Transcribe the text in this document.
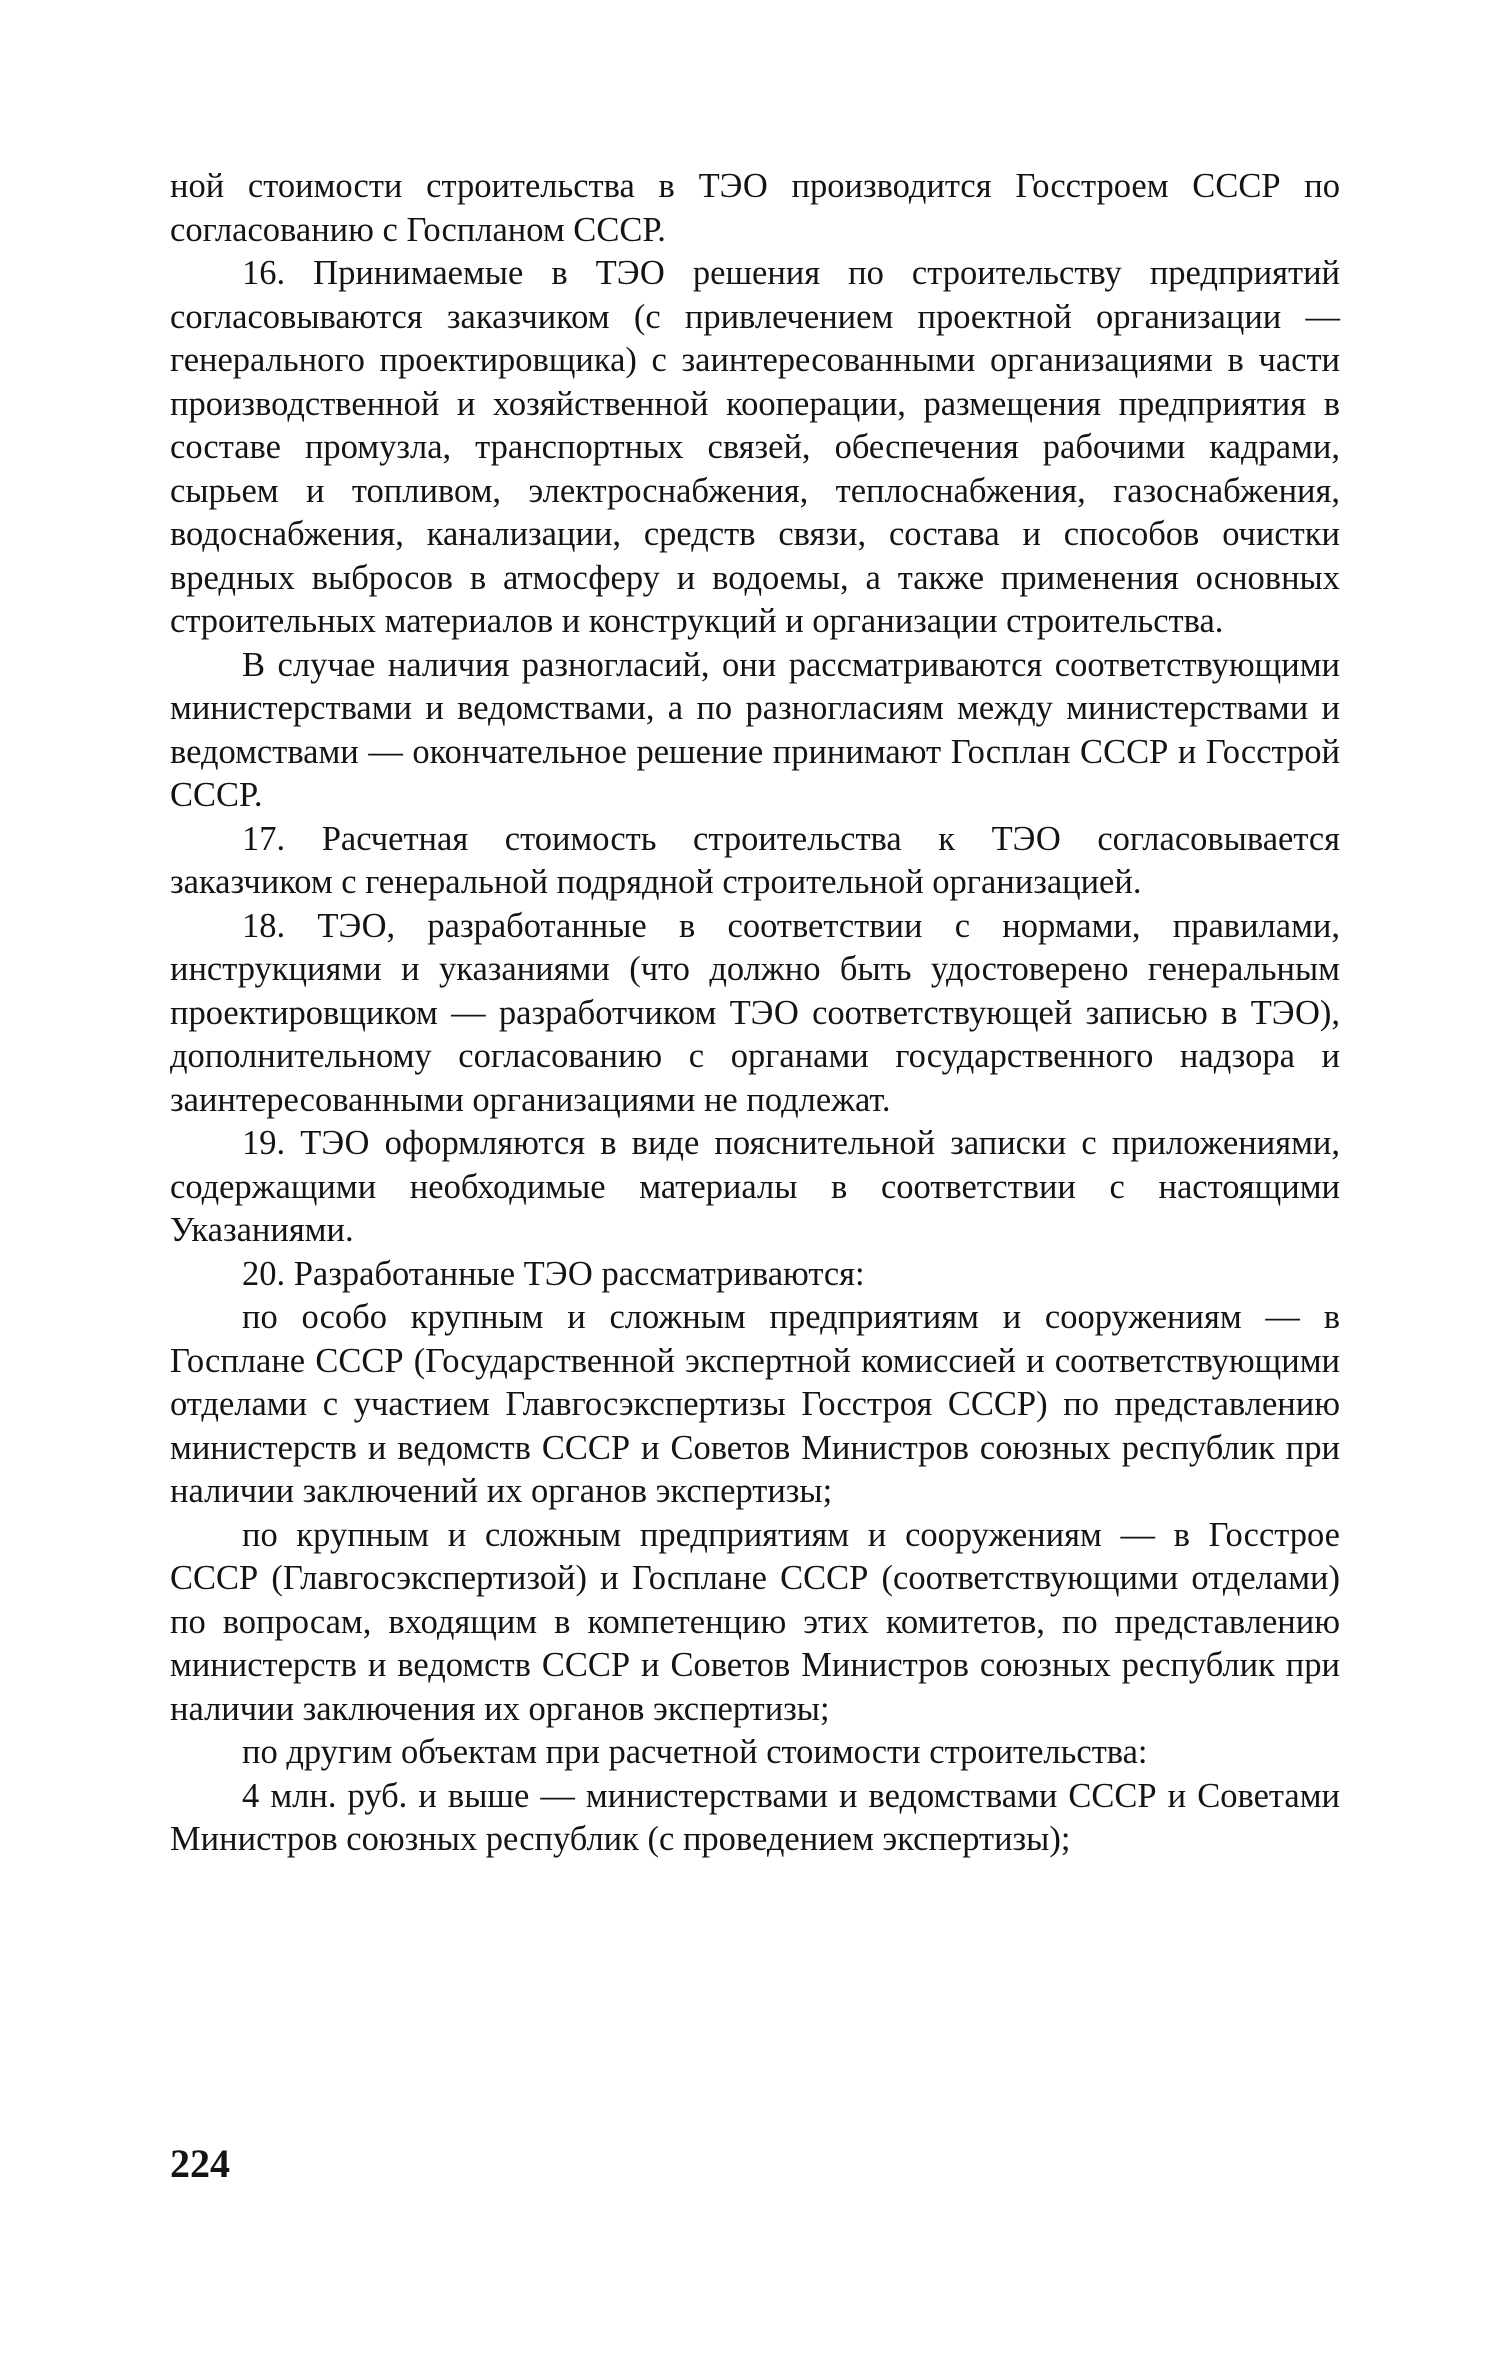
ной стоимости строительства в ТЭО производится Госстроем СССР по согласованию с Госпланом СССР.

16. Принимаемые в ТЭО решения по строительству предприятий согласовываются заказчиком (с привлечением проектной организации — генерального проектировщика) с заинтересованными организациями в части производственной и хозяйственной кооперации, размещения предприятия в составе промузла, транспортных связей, обеспечения рабочими кадрами, сырьем и топливом, электроснабжения, теплоснабжения, газоснабжения, водоснабжения, канализации, средств связи, состава и способов очистки вредных выбросов в атмосферу и водоемы, а также применения основных строительных материалов и конструкций и организации строительства.

В случае наличия разногласий, они рассматриваются соответствующими министерствами и ведомствами, а по разногласиям между министерствами и ведомствами — окончательное решение принимают Госплан СССР и Госстрой СССР.

17. Расчетная стоимость строительства к ТЭО согласовывается заказчиком с генеральной подрядной строительной организацией.

18. ТЭО, разработанные в соответствии с нормами, правилами, инструкциями и указаниями (что должно быть удостоверено генеральным проектировщиком — разработчиком ТЭО соответствующей записью в ТЭО), дополнительному согласованию с органами государственного надзора и заинтересованными организациями не подлежат.

19. ТЭО оформляются в виде пояснительной записки с приложениями, содержащими необходимые материалы в соответствии с настоящими Указаниями.

20. Разработанные ТЭО рассматриваются:

по особо крупным и сложным предприятиям и сооружениям — в Госплане СССР (Государственной экспертной комиссией и соответствующими отделами с участием Главгосэкспертизы Госстроя СССР) по представлению министерств и ведомств СССР и Советов Министров союзных республик при наличии заключений их органов экспертизы;

по крупным и сложным предприятиям и сооружениям — в Госстрое СССР (Главгосэкспертизой) и Госплане СССР (соответствующими отделами) по вопросам, входящим в компетенцию этих комитетов, по представлению министерств и ведомств СССР и Советов Министров союзных республик при наличии заключения их органов экспертизы;

по другим объектам при расчетной стоимости строительства:

4 млн. руб. и выше — министерствами и ведомствами СССР и Советами Министров союзных республик (с проведением экспертизы);

224
